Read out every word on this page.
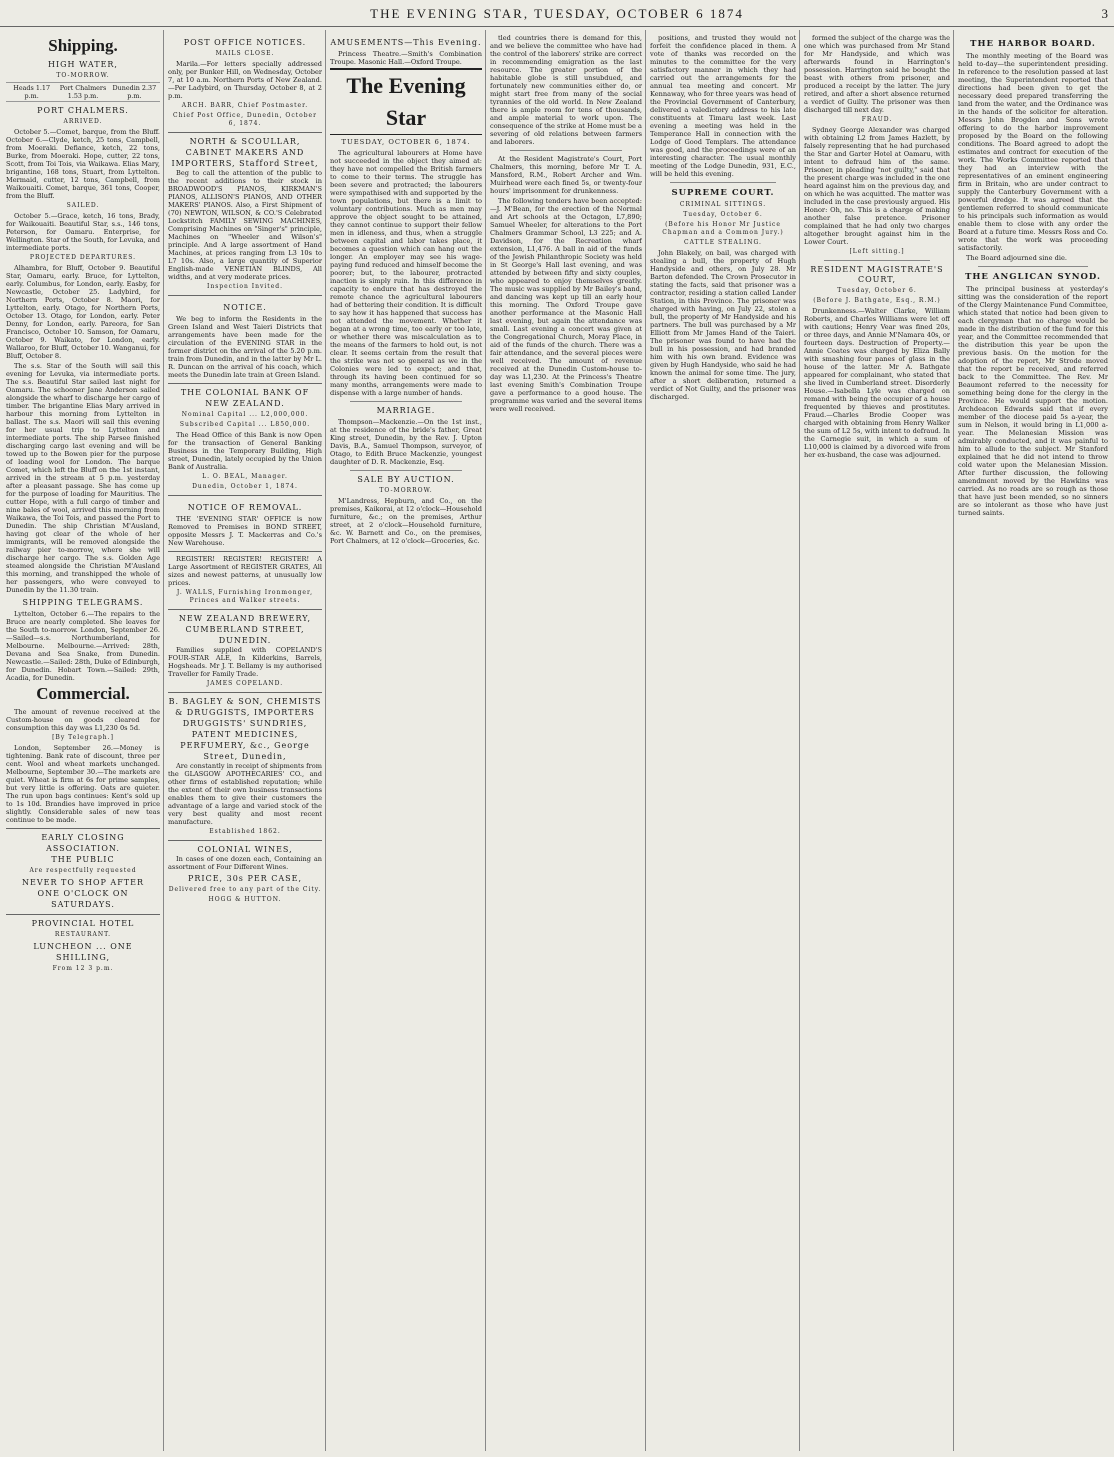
THE EVENING STAR, TUESDAY, OCTOBER 6 1874	3
Shipping.
HIGH WATER,
TO-MORROW.
Heads 1.17 p.m.
Port Chalmers 1.53 p.m.
Dunedin 2.37 p.m.
PORT CHALMERS.
ARRIVED.

October 5.—Comet, barque, from the Bluff. October 6.—Clyde, ketch, 25 tons, Campbell, from Moeraki. Defiance, ketch, 22 tons, Burke, from Moeraki. Hope, cutter, 22 tons, Scott, from Toi Tois, via Waikawa. Elias Mary, brigantine, 168 tons, Stuart, from Lyttelton. Mermaid, cutter, 12 tons, Campbell, from Waikouaiti. Comet, barque, 361 tons, Cooper, from the Bluff.

SAILED.

October 5.—Grace, ketch, 16 tons, Brady, for Waikouaiti. Beautiful Star, s.s., 146 tons, Peterson, for Oamaru. Enterprise, for Wellington. Star of the South, for Levuka, and intermediate ports.

PROJECTED DEPARTURES.

Alhambra, for Bluff, October 9. Beautiful Star, Oamaru, early. Bruce, for Lyttelton, early. Columbus, for London, early. Easby, for Newcastle, October 25. Ladybird, for Northern Ports, October 8. Maori, for Lyttelton, early. Otago, for Northern Ports, October 13. Otago, for London, early. Peter Denny, for London, early. Pareora, for San Francisco, October 10. Samson, for Oamaru, October 9. Waikato, for London, early. Wallaroo, for Bluff, October 10. Wanganui, for Bluff, October 8.

The s.s. Star of the South will sail this evening for Levuka, via intermediate ports. The s.s. Beautiful Star sailed last night for Oamaru. The schooner Jane Anderson sailed alongside the wharf to discharge her cargo of timber. The brigantine Elias Mary arrived in harbour this morning from Lyttelton in ballast. The s.s. Maori will sail this evening for her usual trip to Lyttelton and intermediate ports. The ship Parsee finished discharging cargo last evening and will be towed up to the Bowen pier for the purpose of loading wool for London. The barque Comet, which left the Bluff on the 1st instant, arrived in the stream at 5 p.m. yesterday after a pleasant passage. She has come up for the purpose of loading for Mauritius. The cutter Hope, with a full cargo of timber and nine bales of wool, arrived this morning from Waikawa, the Toi Tois, and passed the Port to Dunedin. The ship Christian M'Ausland, having got clear of the whole of her immigrants, will be removed alongside the railway pier to-morrow, where she will discharge her cargo. The s.s. Golden Age steamed alongside the Christian M'Ausland this morning, and transhipped the whole of her passengers, who were conveyed to Dunedin by the 11.30 train.

SHIPPING TELEGRAMS.

Lyttelton, October 6.—The repairs to the Bruce are nearly completed. She leaves for the South to-morrow. London, September 26.—Sailed—s.s. Northumberland, for Melbourne. Melbourne.—Arrived: 28th, Devana and Sea Snake, from Dunedin. Newcastle.—Sailed: 28th, Duke of Edinburgh, for Dunedin. Hobart Town.—Sailed: 29th, Acadia, for Dunedin.

Commercial.

The amount of revenue received at the Custom-house on goods cleared for consumption this day was L1,230 0s 5d.

[By Telegraph.]

London, September 26.—Money is tightening. Bank rate of discount, three per cent. Wool and wheat markets unchanged. Melbourne, September 30.—The markets are quiet. Wheat is firm at 6s for prime samples, but very little is offering. Oats are quieter. The run upon bags continues: Kent's sold up to 1s 10d. Brandies have improved in price slightly. Considerable sales of new teas continue to be made.

EARLY CLOSING ASSOCIATION.
THE PUBLIC
Are respectfully requested
NEVER TO SHOP AFTER
ONE O'CLOCK ON SATURDAYS.
PROVINCIAL HOTEL
RESTAURANT.
LUNCHEON ... ONE SHILLING,
From 12 3 p.m.
POST OFFICE NOTICES.
MAILS CLOSE.

Marila.—For letters specially addressed only, per Bunker Hill, on Wednesday, October 7, at 10 a.m. Northern Ports of New Zealand.—Per Ladybird, on Thursday, October 8, at 2 p.m.

ARCH. BARR, Chief Postmaster.
Chief Post Office, Dunedin, October 6, 1874.
NORTH & SCOULLAR, CABINET MAKERS AND IMPORTERS, Stafford Street,

Beg to call the attention of the public to the recent additions to their stock in BROADWOOD'S PIANOS, KIRKMAN'S PIANOS, ALLISON'S PIANOS, AND OTHER MAKERS' PIANOS. Also, a First Shipment of (70) NEWTON, WILSON, & CO.'S Celebrated Lockstitch FAMILY SEWING MACHINES, Comprising Machines on "Singer's" principle, Machines on "Wheeler and Wilson's" principle. And A large assortment of Hand Machines, at prices ranging from L3 10s to L7 10s. Also, a large quantity of Superior English-made VENETIAN BLINDS, All widths, and at very moderate prices.

Inspection Invited.
NOTICE.

We beg to inform the Residents in the Green Island and West Taieri Districts that arrangements have been made for the circulation of the EVENING STAR in the former district on the arrival of the 5.20 p.m. train from Dunedin, and in the latter by Mr L. R. Duncan on the arrival of his coach, which meets the Dunedin late train at Green Island.

THE COLONIAL BANK OF NEW ZEALAND.
Nominal Capital ... L2,000,000.
Subscribed Capital ... L850,000.

The Head Office of this Bank is now Open for the transaction of General Banking Business in the Temporary Building, High street, Dunedin, lately occupied by the Union Bank of Australia.

L. O. BEAL, Manager.
Dunedin, October 1, 1874.
NOTICE OF REMOVAL.

THE 'EVENING STAR' OFFICE is now Removed to Premises in BOND STREET, opposite Messrs J. T. Mackerras and Co.'s New Warehouse.

REGISTER! REGISTER! REGISTER! A Large Assortment of REGISTER GRATES, All sizes and newest patterns, at unusually low prices.

J. WALLS, Furnishing Ironmonger, Princes and Walker streets.
NEW ZEALAND BREWERY, CUMBERLAND STREET, DUNEDIN.

Families supplied with COPELAND'S FOUR-STAR ALE, In Kilderkins, Barrels, Hogsheads. Mr J. T. Bellamy is my authorised Traveller for Family Trade.

JAMES COPELAND.
B. BAGLEY & SON, CHEMISTS & DRUGGISTS, IMPORTERS DRUGGISTS' SUNDRIES, PATENT MEDICINES, PERFUMERY, &c., George Street, Dunedin,

Are constantly in receipt of shipments from the GLASGOW APOTHECARIES' CO., and other firms of established reputation; while the extent of their own business transactions enables them to give their customers the advantage of a large and varied stock of the very best quality and most recent manufacture.

Established 1862.
COLONIAL WINES,

In cases of one dozen each, Containing an assortment of Four Different Wines.

PRICE, 30s PER CASE,
Delivered free to any part of the City.
HOGG & HUTTON.
AMUSEMENTS—This Evening.

Princess Theatre.—Smith's Combination Troupe. Masonic Hall.—Oxford Troupe.

The Evening Star
TUESDAY, OCTOBER 6, 1874.

The agricultural labourers at Home have not succeeded in the object they aimed at: they have not compelled the British farmers to come to their terms. The struggle has been severe and protracted; the labourers were sympathised with and supported by the town populations, but there is a limit to voluntary contributions. Much as men may approve the object sought to be attained, they cannot continue to support their fellow men in idleness, and thus, when a struggle between capital and labor takes place, it becomes a question which can hang out the longer. An employer may see his wage-paying fund reduced and himself become the poorer; but, to the labourer, protracted inaction is simply ruin. In this difference in capacity to endure that has destroyed the remote chance the agricultural labourers had of bettering their condition. It is difficult to say how it has happened that success has not attended the movement. Whether it began at a wrong time, too early or too late, or whether there was miscalculation as to the means of the farmers to hold out, is not clear. It seems certain from the result that the strike was not so general as we in the Colonies were led to expect; and that, through its having been continued for so many months, arrangements were made to dispense with a large number of hands.

MARRIAGE.

Thompson—Mackenzie.—On the 1st inst., at the residence of the bride's father, Great King street, Dunedin, by the Rev. J. Upton Davis, B.A., Samuel Thompson, surveyor, of Otago, to Edith Bruce Mackenzie, youngest daughter of D. R. Mackenzie, Esq.

SALE BY AUCTION.
TO-MORROW.

M'Landress, Hepburn, and Co., on the premises, Kaikorai, at 12 o'clock—Household furniture, &c.; on the premises, Arthur street, at 2 o'clock—Household furniture, &c. W. Barnett and Co., on the premises, Port Chalmers, at 12 o'clock—Groceries, &c.

tled countries there is demand for this, and we believe the committee who have had the control of the laborers' strike are correct in recommending emigration as the last resource. The greater portion of the habitable globe is still unsubdued, and fortunately new communities either do, or might start free from many of the social tyrannies of the old world. In New Zealand there is ample room for tens of thousands, and ample material to work upon. The consequence of the strike at Home must be a severing of old relations between farmers and laborers.

At the Resident Magistrate's Court, Port Chalmers, this morning, before Mr T. A. Mansford, R.M., Robert Archer and Wm. Muirhead were each fined 5s, or twenty-four hours' imprisonment for drunkenness.

The following tenders have been accepted:—J. M'Bean, for the erection of the Normal and Art schools at the Octagon, L7,890; Samuel Wheeler, for alterations to the Port Chalmers Grammar School, L3 225; and A. Davidson, for the Recreation wharf extension, L1,476. A ball in aid of the funds of the Jewish Philanthropic Society was held in St George's Hall last evening, and was attended by between fifty and sixty couples, who appeared to enjoy themselves greatly. The music was supplied by Mr Bailey's band, and dancing was kept up till an early hour this morning. The Oxford Troupe gave another performance at the Masonic Hall last evening, but again the attendance was small. Last evening a concert was given at the Congregational Church, Moray Place, in aid of the funds of the church. There was a fair attendance, and the several pieces were well received. The amount of revenue received at the Dunedin Custom-house to-day was L1,230. At the Princess's Theatre last evening Smith's Combination Troupe gave a performance to a good house. The programme was varied and the several items were well received.

positions, and trusted they would not forfeit the confidence placed in them. A vote of thanks was recorded on the minutes to the committee for the very satisfactory manner in which they had carried out the arrangements for the annual tea meeting and concert. Mr Kennaway, who for three years was head of the Provincial Government of Canterbury, delivered a valedictory address to his late constituents at Timaru last week. Last evening a meeting was held in the Temperance Hall in connection with the Lodge of Good Templars. The attendance was good, and the proceedings were of an interesting character. The usual monthly meeting of the Lodge Dunedin, 931, E.C., will be held this evening.

SUPREME COURT.
CRIMINAL SITTINGS.
Tuesday, October 6.
(Before his Honor Mr Justice Chapman and a Common Jury.)
CATTLE STEALING.

John Blakely, on bail, was charged with stealing a bull, the property of Hugh Handyside and others, on July 28. Mr Barton defended. The Crown Prosecutor in stating the facts, said that prisoner was a contractor, residing a station called Lander Station, in this Province. The prisoner was charged with having, on July 22, stolen a bull, the property of Mr Handyside and his partners. The bull was purchased by a Mr Elliott from Mr James Hand of the Taieri. The prisoner was found to have had the bull in his possession, and had branded him with his own brand. Evidence was given by Hugh Handyside, who said he had known the animal for some time. The jury, after a short deliberation, returned a verdict of Not Guilty, and the prisoner was discharged.

formed the subject of the charge was the one which was purchased from Mr Stand for Mr Handyside, and which was afterwards found in Harrington's possession. Harrington said he bought the beast with others from prisoner, and produced a receipt by the latter. The jury retired, and after a short absence returned a verdict of Guilty. The prisoner was then discharged till next day.

FRAUD.

Sydney George Alexander was charged with obtaining L2 from James Hazlett, by falsely representing that he had purchased the Star and Garter Hotel at Oamaru, with intent to defraud him of the same. Prisoner, in pleading "not guilty," said that the present charge was included in the one heard against him on the previous day, and on which he was acquitted. The matter was included in the case previously argued. His Honor: Oh, no. This is a charge of making another false pretence. Prisoner complained that he had only two charges altogether brought against him in the Lower Court.

[Left sitting.]
RESIDENT MAGISTRATE'S COURT,
Tuesday, October 6.
(Before J. Bathgate, Esq., R.M.)

Drunkenness.—Walter Clarke, William Roberts, and Charles Williams were let off with cautions; Henry Vear was fined 20s, or three days, and Annie M'Namara 40s, or fourteen days. Destruction of Property.—Annie Coates was charged by Eliza Bally with smashing four panes of glass in the house of the latter. Mr A. Bathgate appeared for complainant, who stated that she lived in Cumberland street. Disorderly House.—Isabella Lyle was charged on remand with being the occupier of a house frequented by thieves and prostitutes. Fraud.—Charles Brodie Cooper was charged with obtaining from Henry Walker the sum of L2 5s, with intent to defraud. In the Carnegie suit, in which a sum of L10,000 is claimed by a divorced wife from her ex-husband, the case was adjourned.

THE HARBOR BOARD.

The monthly meeting of the Board was held to-day—the superintendent presiding. In reference to the resolution passed at last meeting, the Superintendent reported that directions had been given to get the necessary deed prepared transferring the land from the water, and the Ordinance was in the hands of the solicitor for alteration. Messrs John Brogden and Sons wrote offering to do the harbor improvement proposed by the Board on the following conditions. The Board agreed to adopt the estimates and contract for execution of the work. The Works Committee reported that they had an interview with the representatives of an eminent engineering firm in Britain, who are under contract to supply the Canterbury Government with a powerful dredge. It was agreed that the gentlemen referred to should communicate to his principals such information as would enable them to close with any order the Board at a future time. Messrs Ross and Co. wrote that the work was proceeding satisfactorily.

The Board adjourned sine die.

THE ANGLICAN SYNOD.

The principal business at yesterday's sitting was the consideration of the report of the Clergy Maintenance Fund Committee, which stated that notice had been given to each clergyman that no charge would be made in the distribution of the fund for this year, and the Committee recommended that the distribution this year be upon the previous basis. On the motion for the adoption of the report, Mr Strode moved that the report be received, and referred back to the Committee. The Rev. Mr Beaumont referred to the necessity for something being done for the clergy in the Province. He would support the motion. Archdeacon Edwards said that if every member of the diocese paid 5s a-year, the sum in Nelson, it would bring in L1,000 a-year. The Melanesian Mission was admirably conducted, and it was painful to him to allude to the subject. Mr Stanford explained that he did not intend to throw cold water upon the Melanesian Mission. After further discussion, the following amendment moved by the Hawkins was carried. As no roads are so rough as those that have just been mended, so no sinners are so intolerant as those who have just turned saints.
